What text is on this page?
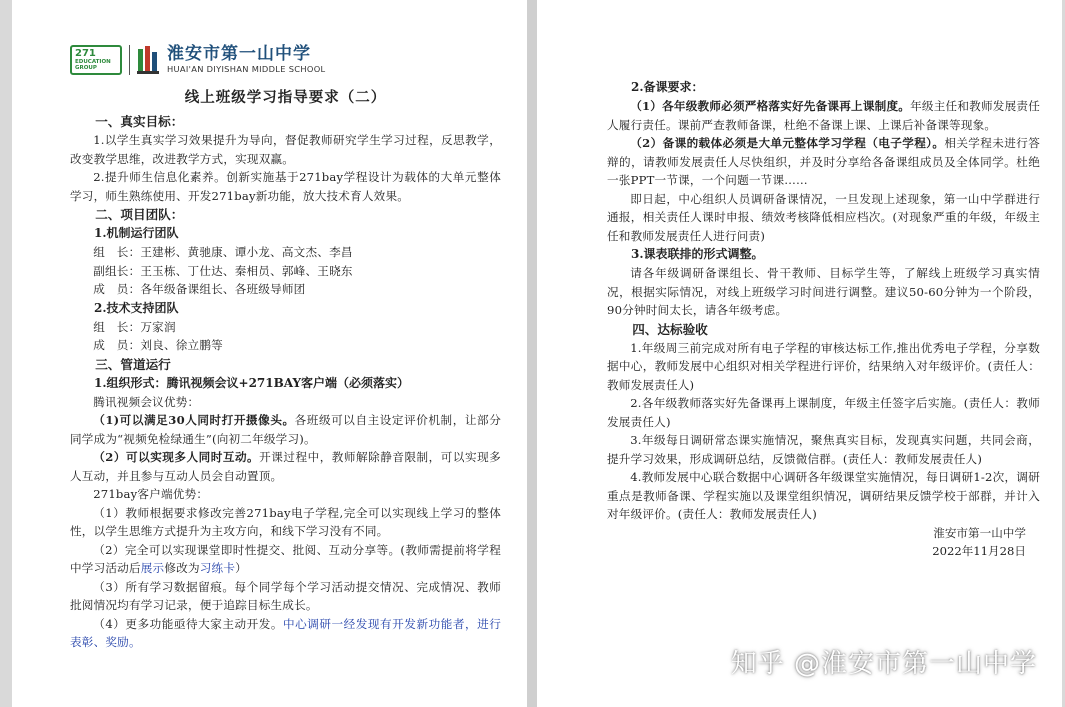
271
EDUCATION
GROUP
淮安市第一山中学
HUAI'AN DIYISHAN MIDDLE SCHOOL
线上班级学习指导要求（二）

一、真实目标：

1.以学生真实学习效果提升为导向，督促教师研究学生学习过程，反思教学，改变教学思维，改进教学方式，实现双赢。

2.提升师生信息化素养。创新实施基于271bay学程设计为载体的大单元整体学习，师生熟练使用、开发271bay新功能，放大技术育人效果。

二、项目团队：

1.机制运行团队

组　长：王建彬、黄驰康、谭小龙、高文杰、李昌

副组长：王玉栋、丁仕达、秦相员、郭峰、王晓东

成　员：各年级备课组长、各班级导师团

2.技术支持团队

组　长：万家润

成　员：刘良、徐立鹏等

三、管道运行

1.组织形式：腾讯视频会议+271BAY客户端（必须落实）

腾讯视频会议优势：

（1)可以满足30人同时打开摄像头。各班级可以自主设定评价机制，让部分同学成为“视频免检绿通生”(向初二年级学习)。

（2）可以实现多人同时互动。开课过程中，教师解除静音限制，可以实现多人互动，并且参与互动人员会自动置顶。

271bay客户端优势：

（1）教师根据要求修改完善271bay电子学程,完全可以实现线上学习的整体性，以学生思维方式提升为主攻方向，和线下学习没有不同。

（2）完全可以实现课堂即时性提交、批阅、互动分享等。(教师需提前将学程中学习活动后展示修改为习练卡）

（3）所有学习数据留痕。每个同学每个学习活动提交情况、完成情况、教师批阅情况均有学习记录，便于追踪目标生成长。

（4）更多功能亟待大家主动开发。中心调研一经发现有开发新功能者，进行表彰、奖励。

2.备课要求：

（1）各年级教师必须严格落实好先备课再上课制度。年级主任和教师发展责任人履行责任。课前严查教师备课，杜绝不备课上课、上课后补备课等现象。

（2）备课的载体必须是大单元整体学习学程（电子学程）。相关学程未进行答辩的，请教师发展责任人尽快组织，并及时分享给各备课组成员及全体同学。杜绝一张PPT一节课，一个问题一节课……

即日起，中心组织人员调研备课情况，一旦发现上述现象，第一山中学群进行通报，相关责任人课时申报、绩效考核降低相应档次。(对现象严重的年级，年级主任和教师发展责任人进行问责)

3.课表联排的形式调整。

请各年级调研备课组长、骨干教师、目标学生等，了解线上班级学习真实情况，根据实际情况，对线上班级学习时间进行调整。建议50-60分钟为一个阶段，90分钟时间太长，请各年级考虑。

四、达标验收

1.年级周三前完成对所有电子学程的审核达标工作,推出优秀电子学程，分享数据中心，教师发展中心组织对相关学程进行评价，结果纳入对年级评价。(责任人：教师发展责任人)

2.各年级教师落实好先备课再上课制度，年级主任签字后实施。(责任人：教师发展责任人)

3.年级每日调研常态课实施情况，聚焦真实目标，发现真实问题，共同会商，提升学习效果，形成调研总结，反馈微信群。(责任人：教师发展责任人)

4.教师发展中心联合数据中心调研各年级课堂实施情况，每日调研1-2次，调研重点是教师备课、学程实施以及课堂组织情况，调研结果反馈学校于部群，并计入对年级评价。(责任人：教师发展责任人)

淮安市第一山中学

2022年11月28日

知乎 @淮安市第一山中学
